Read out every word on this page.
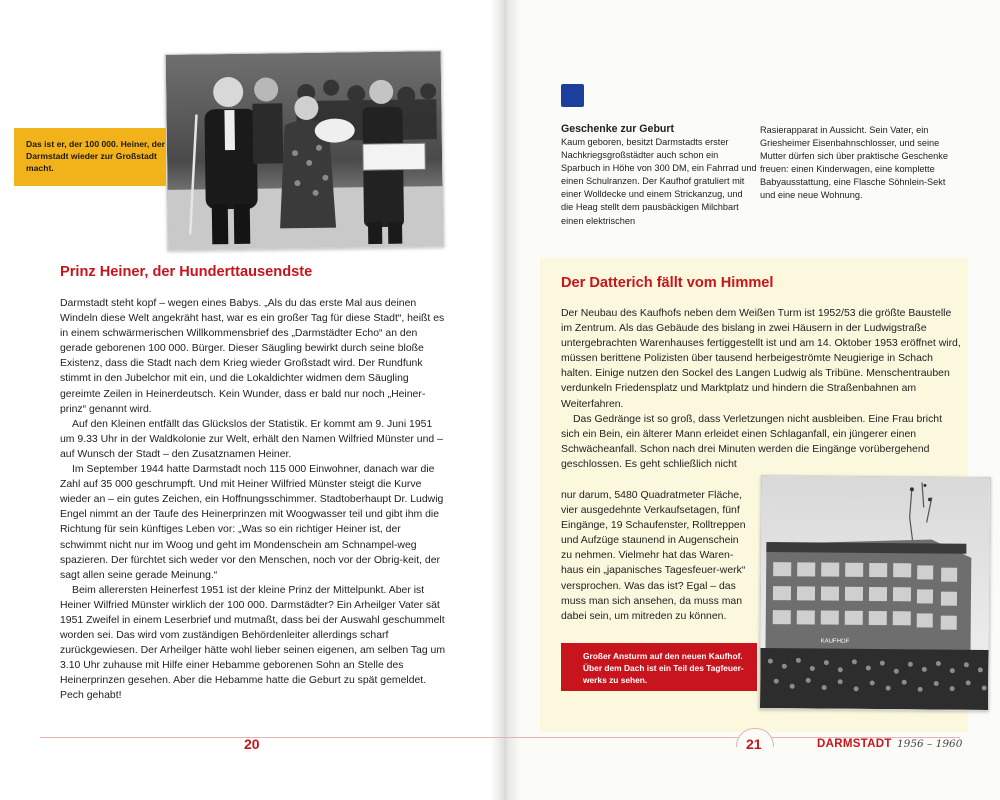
Das ist er, der 100 000. Heiner, der Darmstadt wieder zur Großstadt macht.
Prinz Heiner, der Hunderttausendste

Darmstadt steht kopf – wegen eines Babys. „Als du das erste Mal aus deinen Windeln diese Welt angekräht hast, war es ein großer Tag für diese Stadt“, heißt es in einem schwärmerischen Willkommensbrief des „Darmstädter Echo“ an den gerade geborenen 100 000. Bürger. Dieser Säugling bewirkt durch seine bloße Existenz, dass die Stadt nach dem Krieg wieder Großstadt wird. Der Rundfunk stimmt in den Jubelchor mit ein, und die Lokaldichter widmen dem Säugling gereimte Zeilen in Heinerdeutsch. Kein Wunder, dass er bald nur noch „Heiner-prinz“ genannt wird.

Auf den Kleinen entfällt das Glückslos der Statistik. Er kommt am 9. Juni 1951 um 9.33 Uhr in der Waldkolonie zur Welt, erhält den Namen Wilfried Münster und – auf Wunsch der Stadt – den Zusatznamen Heiner.

Im September 1944 hatte Darmstadt noch 115 000 Einwohner, danach war die Zahl auf 35 000 geschrumpft. Und mit Heiner Wilfried Münster steigt die Kurve wieder an – ein gutes Zeichen, ein Hoffnungsschimmer. Stadtoberhaupt Dr. Ludwig Engel nimmt an der Taufe des Heinerprinzen mit Woogwasser teil und gibt ihm die Richtung für sein künftiges Leben vor: „Was so ein richtiger Heiner ist, der schwimmt nicht nur im Woog und geht im Mondenschein am Schnampel-weg spazieren. Der fürchtet sich weder vor den Menschen, noch vor der Obrig-keit, der sagt allen seine gerade Meinung.“

Beim allerersten Heinerfest 1951 ist der kleine Prinz der Mittelpunkt. Aber ist Heiner Wilfried Münster wirklich der 100 000. Darmstädter? Ein Arheilger Vater sät 1951 Zweifel in einem Leserbrief und mutmaßt, dass bei der Auswahl geschummelt worden sei. Das wird vom zuständigen Behördenleiter allerdings scharf zurückgewiesen. Der Arheilger hätte wohl lieber seinen eigenen, am selben Tag um 3.10 Uhr zuhause mit Hilfe einer Hebamme geborenen Sohn an Stelle des Heinerprinzen gesehen. Aber die Hebamme hatte die Geburt zu spät gemeldet. Pech gehabt!

Geschenke zur Geburt

Kaum geboren, besitzt Darmstadts erster Nachkriegsgroßstädter auch schon ein Sparbuch in Höhe von 300 DM, ein Fahrrad und einen Schulranzen. Der Kaufhof gratuliert mit einer Wolldecke und einem Strickanzug, und die Heag stellt dem pausbäckigen Milchbart einen elektrischen

Rasierapparat in Aussicht. Sein Vater, ein Griesheimer Eisenbahnschlosser, und seine Mutter dürfen sich über praktische Geschenke freuen: einen Kinderwagen, eine komplette Babyausstattung, eine Flasche Söhnlein-Sekt und eine neue Wohnung.

Der Datterich fällt vom Himmel

Der Neubau des Kaufhofs neben dem Weißen Turm ist 1952/53 die größte Baustelle im Zentrum. Als das Gebäude des bislang in zwei Häusern in der Ludwigstraße untergebrachten Warenhauses fertiggestellt ist und am 14. Oktober 1953 eröffnet wird, müssen berittene Polizisten über tausend herbeigeströmte Neugierige in Schach halten. Einige nutzen den Sockel des Langen Ludwig als Tribüne. Menschentrauben verdunkeln Friedensplatz und Marktplatz und hindern die Straßenbahnen am Weiterfahren.

Das Gedränge ist so groß, dass Verletzungen nicht ausbleiben. Eine Frau bricht sich ein Bein, ein älterer Mann erleidet einen Schlaganfall, ein jüngerer einen Schwächeanfall. Schon nach drei Minuten werden die Eingänge vorübergehend geschlossen. Es geht schließlich nicht

nur darum, 5480 Quadratmeter Fläche, vier ausgedehnte Verkaufsetagen, fünf Eingänge, 19 Schaufenster, Rolltreppen und Aufzüge staunend in Augenschein zu nehmen. Vielmehr hat das Waren-haus ein „japanisches Tagesfeuer-werk“ versprochen. Was das ist? Egal – das muss man sich ansehen, da muss man dabei sein, um mitreden zu können.

KAUFHOF
Großer Ansturm auf den neuen Kaufhof. Über dem Dach ist ein Teil des Tagfeuer-werks zu sehen.
20	21	DARMSTADT 1956 – 1960
